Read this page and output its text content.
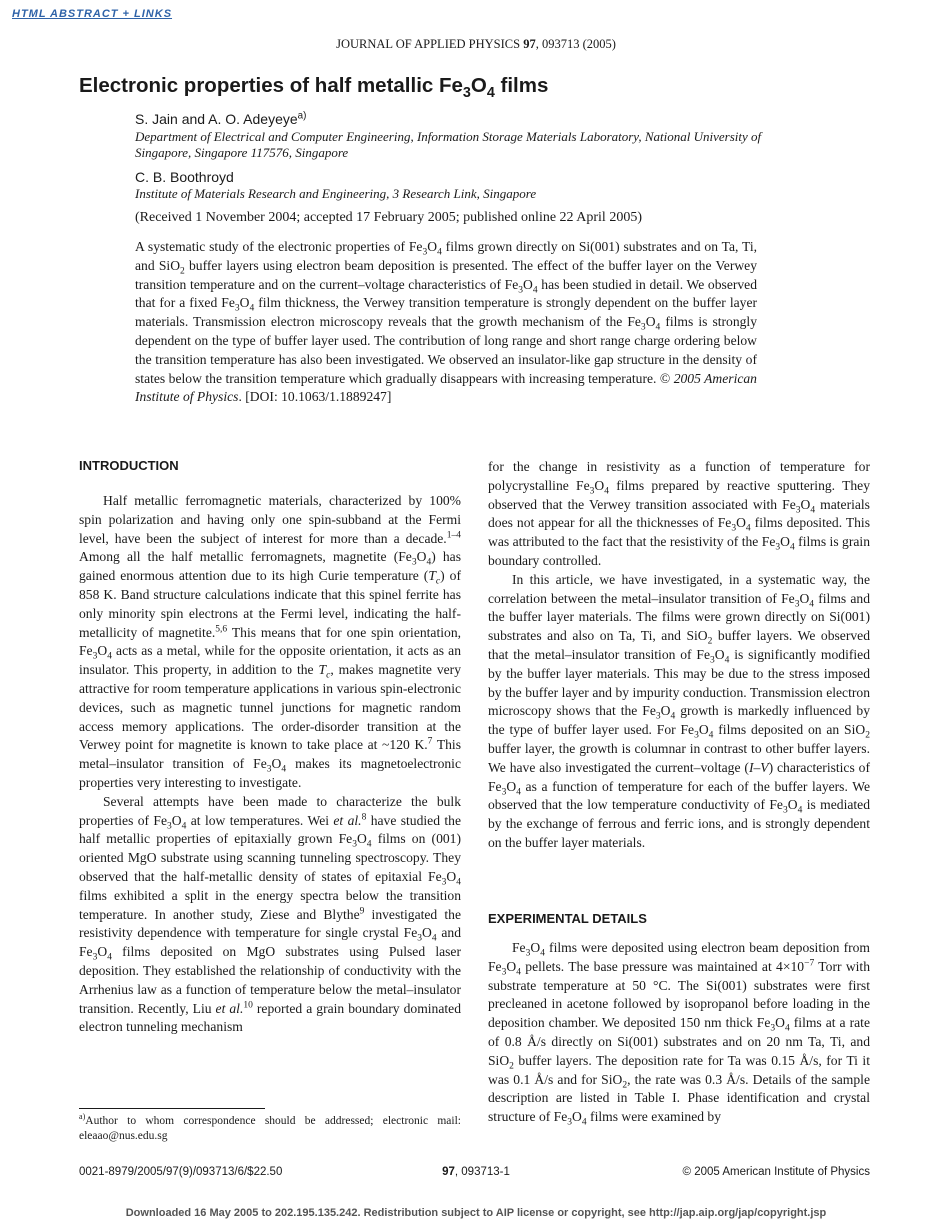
HTML ABSTRACT + LINKS
JOURNAL OF APPLIED PHYSICS 97, 093713 (2005)
Electronic properties of half metallic $Fe_3O_4$ films
S. Jain and A. O. Adeyeye$^{a)}$
Department of Electrical and Computer Engineering, Information Storage Materials Laboratory, National University of Singapore, Singapore 117576, Singapore
C. B. Boothroyd
Institute of Materials Research and Engineering, 3 Research Link, Singapore
(Received 1 November 2004; accepted 17 February 2005; published online 22 April 2005)
A systematic study of the electronic properties of $Fe_3O_4$ films grown directly on Si(001) substrates and on Ta, Ti, and SiO$_2$ buffer layers using electron beam deposition is presented. The effect of the buffer layer on the Verwey transition temperature and on the current–voltage characteristics of $Fe_3O_4$ has been studied in detail. We observed that for a fixed $Fe_3O_4$ film thickness, the Verwey transition temperature is strongly dependent on the buffer layer materials. Transmission electron microscopy reveals that the growth mechanism of the $Fe_3O_4$ films is strongly dependent on the type of buffer layer used. The contribution of long range and short range charge ordering below the transition temperature has also been investigated. We observed an insulator-like gap structure in the density of states below the transition temperature which gradually disappears with increasing temperature. © 2005 American Institute of Physics. [DOI: 10.1063/1.1889247]
INTRODUCTION

Half metallic ferromagnetic materials, characterized by 100% spin polarization and having only one spin-subband at the Fermi level, have been the subject of interest for more than a decade.$^{1-4}$ Among all the half metallic ferromagnets, magnetite $(Fe_3O_4)$ has gained enormous attention due to its high Curie temperature $(T_c)$ of 858 K. Band structure calculations indicate that this spinel ferrite has only minority spin electrons at the Fermi level, indicating the half-metallicity of magnetite.$^{5,6}$ This means that for one spin orientation, $Fe_3O_4$ acts as a metal, while for the opposite orientation, it acts as an insulator. This property, in addition to the $T_c$, makes magnetite very attractive for room temperature applications in various spin-electronic devices, such as magnetic tunnel junctions for magnetic random access memory applications. The order-disorder transition at the Verwey point for magnetite is known to take place at ~120 K.$^7$ This metal–insulator transition of $Fe_3O_4$ makes its magnetoelectronic properties very interesting to investigate.

Several attempts have been made to characterize the bulk properties of $Fe_3O_4$ at low temperatures. Wei et al.$^8$ have studied the half metallic properties of epitaxially grown $Fe_3O_4$ films on (001) oriented MgO substrate using scanning tunneling spectroscopy. They observed that the half-metallic density of states of epitaxial $Fe_3O_4$ films exhibited a split in the energy spectra below the transition temperature. In another study, Ziese and Blythe$^9$ investigated the resistivity dependence with temperature for single crystal $Fe_3O_4$ and $Fe_3O_4$ films deposited on MgO substrates using Pulsed laser deposition. They established the relationship of conductivity with the Arrhenius law as a function of temperature below the metal–insulator transition. Recently, Liu et al.$^{10}$ reported a grain boundary dominated electron tunneling mechanism

for the change in resistivity as a function of temperature for polycrystalline $Fe_3O_4$ films prepared by reactive sputtering. They observed that the Verwey transition associated with $Fe_3O_4$ materials does not appear for all the thicknesses of $Fe_3O_4$ films deposited. This was attributed to the fact that the resistivity of the $Fe_3O_4$ films is grain boundary controlled.

In this article, we have investigated, in a systematic way, the correlation between the metal–insulator transition of $Fe_3O_4$ films and the buffer layer materials. The films were grown directly on Si(001) substrates and also on Ta, Ti, and SiO$_2$ buffer layers. We observed that the metal–insulator transition of $Fe_3O_4$ is significantly modified by the buffer layer materials. This may be due to the stress imposed by the buffer layer and by impurity conduction. Transmission electron microscopy shows that the $Fe_3O_4$ growth is markedly influenced by the type of buffer layer used. For $Fe_3O_4$ films deposited on an SiO$_2$ buffer layer, the growth is columnar in contrast to other buffer layers. We have also investigated the current–voltage (I–V) characteristics of $Fe_3O_4$ as a function of temperature for each of the buffer layers. We observed that the low temperature conductivity of $Fe_3O_4$ is mediated by the exchange of ferrous and ferric ions, and is strongly dependent on the buffer layer materials.

EXPERIMENTAL DETAILS

$Fe_3O_4$ films were deposited using electron beam deposition from $Fe_3O_4$ pellets. The base pressure was maintained at $4\times 10^{-7}$ Torr with substrate temperature at 50 °C. The Si(001) substrates were first precleaned in acetone followed by isopropanol before loading in the deposition chamber. We deposited 150 nm thick $Fe_3O_4$ films at a rate of 0.8 Å/s directly on Si(001) substrates and on 20 nm Ta, Ti, and SiO$_2$ buffer layers. The deposition rate for Ta was 0.15 Å/s, for Ti it was 0.1 Å/s and for SiO$_2$, the rate was 0.3 Å/s. Details of the sample description are listed in Table I. Phase identification and crystal structure of $Fe_3O_4$ films were examined by

$^{a)}$Author to whom correspondence should be addressed; electronic mail: eleaao@nus.edu.sg
0021-8979/2005/97(9)/093713/6/$22.50	97, 093713-1	© 2005 American Institute of Physics
Downloaded 16 May 2005 to 202.195.135.242. Redistribution subject to AIP license or copyright, see http://jap.aip.org/jap/copyright.jsp
